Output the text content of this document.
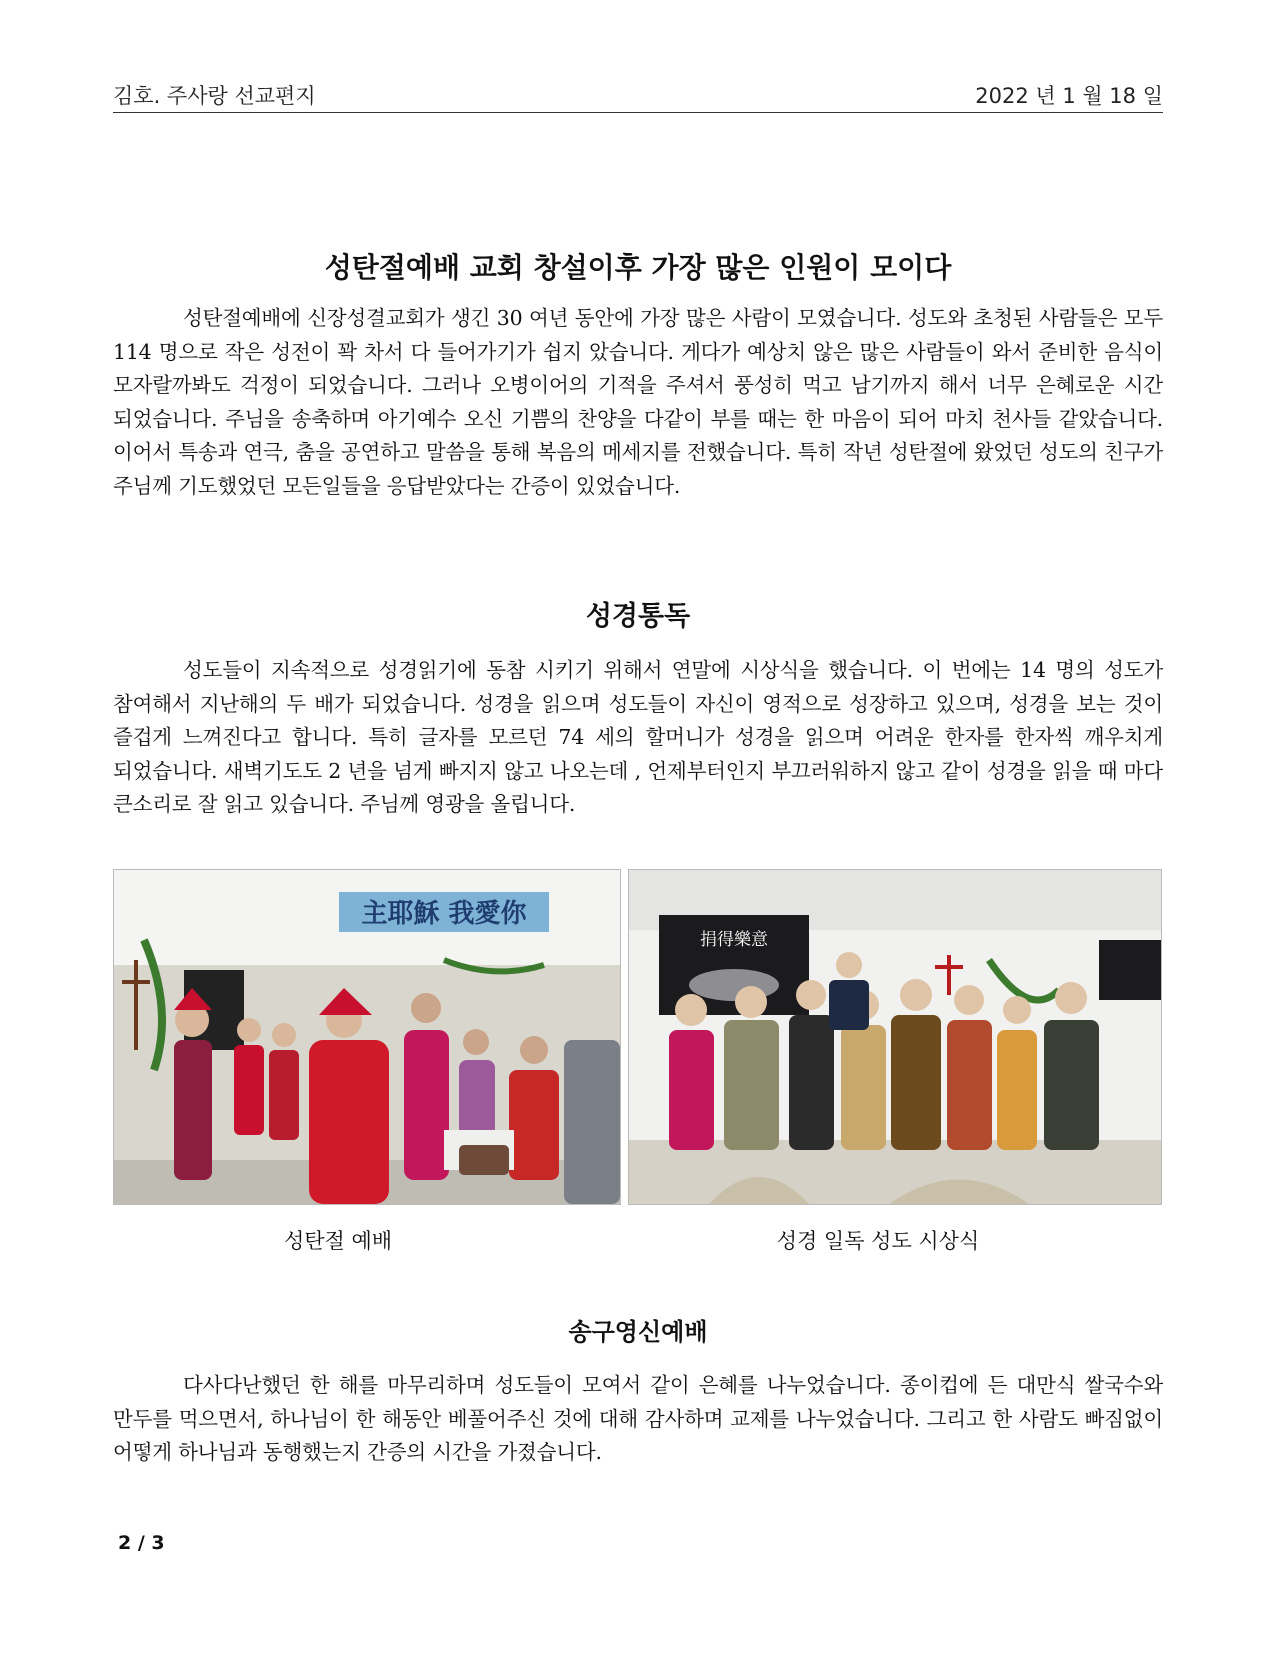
김호. 주사랑 선교편지	2022 년 1 월 18 일
성탄절예배 교회 창설이후 가장 많은 인원이 모이다

성탄절예배에 신장성결교회가 생긴 30 여년 동안에 가장 많은 사람이 모였습니다. 성도와 초청된 사람들은 모두 114 명으로 작은 성전이 꽉 차서 다 들어가기가 쉽지 았습니다. 게다가 예상치 않은 많은 사람들이 와서 준비한 음식이 모자랄까봐도 걱정이 되었습니다. 그러나 오병이어의 기적을 주셔서 풍성히 먹고 남기까지 해서 너무 은혜로운 시간 되었습니다. 주님을 송축하며 아기예수 오신 기쁨의 찬양을 다같이 부를 때는 한 마음이 되어 마치 천사들 같았습니다. 이어서 특송과 연극, 춤을 공연하고 말씀을 통해 복음의 메세지를 전했습니다. 특히 작년 성탄절에 왔었던 성도의 친구가 주님께 기도했었던 모든일들을 응답받았다는 간증이 있었습니다.

성경통독

성도들이 지속적으로 성경읽기에 동참 시키기 위해서 연말에 시상식을 했습니다. 이 번에는 14 명의 성도가 참여해서 지난해의 두 배가 되었습니다. 성경을 읽으며 성도들이 자신이 영적으로 성장하고 있으며, 성경을 보는 것이 즐겁게 느껴진다고 합니다. 특히 글자를 모르던 74 세의 할머니가 성경을 읽으며 어려운 한자를 한자씩 깨우치게 되었습니다. 새벽기도도 2 년을 넘게 빠지지 않고 나오는데 , 언제부터인지 부끄러워하지 않고 같이 성경을 읽을 때 마다 큰소리로 잘 읽고 있습니다. 주님께 영광을 올립니다.

主耶穌 我愛你
捐得樂意

성탄절 예배	성경 일독 성도 시상식

송구영신예배

다사다난했던 한 해를 마무리하며 성도들이 모여서 같이 은혜를 나누었습니다. 종이컵에 든 대만식 쌀국수와 만두를 먹으면서, 하나님이 한 해동안 베풀어주신 것에 대해 감사하며 교제를 나누었습니다. 그리고 한 사람도 빠짐없이 어떻게 하나님과 동행했는지 간증의 시간을 가졌습니다.

2 / 3
